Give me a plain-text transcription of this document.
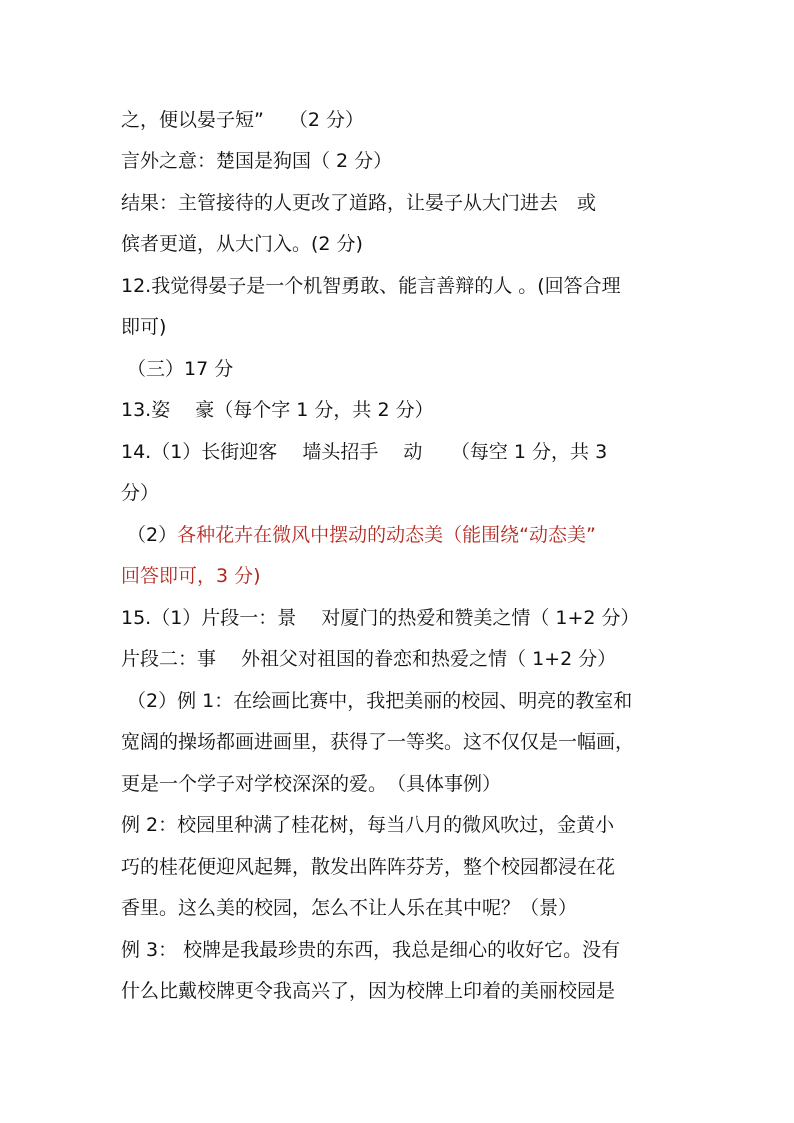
之，便以晏子短”　 （2 分）
言外之意：楚国是狗国（ 2 分）
结果：主管接待的人更改了道路，让晏子从大门进去　或
傧者更道，从大门入。(2 分)
12.我觉得晏子是一个机智勇敢、能言善辩的人 。(回答合理
即可)
（三）17 分
13.姿　 豪（每个字 1 分，共 2 分）
14.（1）长街迎客　 墙头招手　 动　　（每空 1 分，共 3
分）
（2）各种花卉在微风中摆动的动态美（能围绕“动态美”
回答即可，3 分)
15.（1）片段一：景　 对厦门的热爱和赞美之情（ 1+2 分）
片段二：事　 外祖父对祖国的眷恋和热爱之情（ 1+2 分）
（2）例 1：在绘画比赛中，我把美丽的校园、明亮的教室和
宽阔的操场都画进画里，获得了一等奖。这不仅仅是一幅画，
更是一个学子对学校深深的爱。　（具体事例）
例 2：校园里种满了桂花树，每当八月的微风吹过，金黄小
巧的桂花便迎风起舞，散发出阵阵芬芳，整个校园都浸在花
香里。这么美的校园，怎么不让人乐在其中呢？（景）
例 3： 校牌是我最珍贵的东西，我总是细心的收好它。没有
什么比戴校牌更令我高兴了，因为校牌上印着的美丽校园是
